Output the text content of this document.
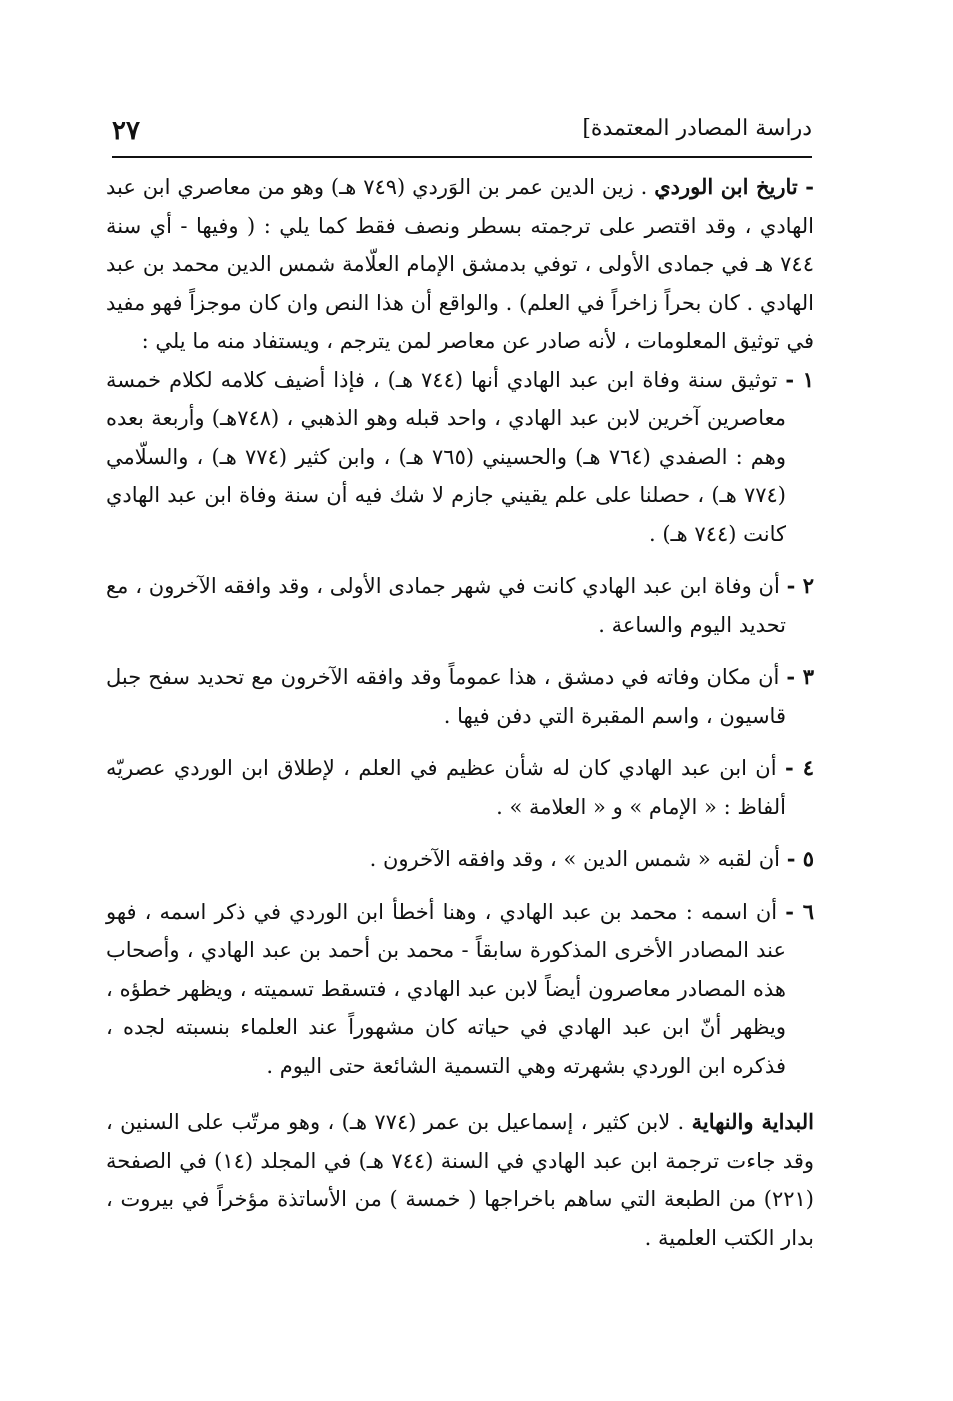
٢٧	دراسة المصادر المعتمدة]

- تاريخ ابن الوردي . زين الدين عمر بن الوَردي (٧٤٩ هـ) وهو من معاصري ابن عبد الهادي ، وقد اقتصر على ترجمته بسطر ونصف فقط كما يلي : ( وفيها - أي سنة ٧٤٤ هـ في جمادى الأولى ، توفي بدمشق الإمام العلّامة شمس الدين محمد بن عبد الهادي . كان بحراً زاخراً في العلم) . والواقع أن هذا النص وان كان موجزاً فهو مفيد في توثيق المعلومات ، لأنه صادر عن معاصر لمن يترجم ، ويستفاد منه ما يلي :

١ - توثيق سنة وفاة ابن عبد الهادي أنها (٧٤٤ هـ) ، فإذا أضيف كلامه لكلام خمسة معاصرين آخرين لابن عبد الهادي ، واحد قبله وهو الذهبي ، (٧٤٨هـ) وأربعة بعده وهم : الصفدي (٧٦٤ هـ) والحسيني (٧٦٥ هـ) ، وابن كثير (٧٧٤ هـ) ، والسلّامي (٧٧٤ هـ) ، حصلنا على علم يقيني جازم لا شك فيه أن سنة وفاة ابن عبد الهادي كانت (٧٤٤ هـ) .

٢ - أن وفاة ابن عبد الهادي كانت في شهر جمادى الأولى ، وقد وافقه الآخرون ، مع تحديد اليوم والساعة .

٣ - أن مكان وفاته في دمشق ، هذا عموماً وقد وافقه الآخرون مع تحديد سفح جبل قاسيون ، واسم المقبرة التي دفن فيها .

٤ - أن ابن عبد الهادي كان له شأن عظيم في العلم ، لإطلاق ابن الوردي عصريّه ألفاظ : « الإمام » و « العلامة » .

٥ - أن لقبه « شمس الدين » ، وقد وافقه الآخرون .

٦ - أن اسمه : محمد بن عبد الهادي ، وهنا أخطأ ابن الوردي في ذكر اسمه ، فهو عند المصادر الأخرى المذكورة سابقاً - محمد بن أحمد بن عبد الهادي ، وأصحاب هذه المصادر معاصرون أيضاً لابن عبد الهادي ، فتسقط تسميته ، ويظهر خطؤه ، ويظهر أنّ ابن عبد الهادي في حياته كان مشهوراً عند العلماء بنسبته لجده ، فذكره ابن الوردي بشهرته وهي التسمية الشائعة حتى اليوم .

البداية والنهاية . لابن كثير ، إسماعيل بن عمر (٧٧٤ هـ) ، وهو مرتّب على السنين ، وقد جاءت ترجمة ابن عبد الهادي في السنة (٧٤٤ هـ) في المجلد (١٤) في الصفحة (٢٢١) من الطبعة التي ساهم باخراجها ( خمسة ) من الأساتذة مؤخراً في بيروت ، بدار الكتب العلمية .
